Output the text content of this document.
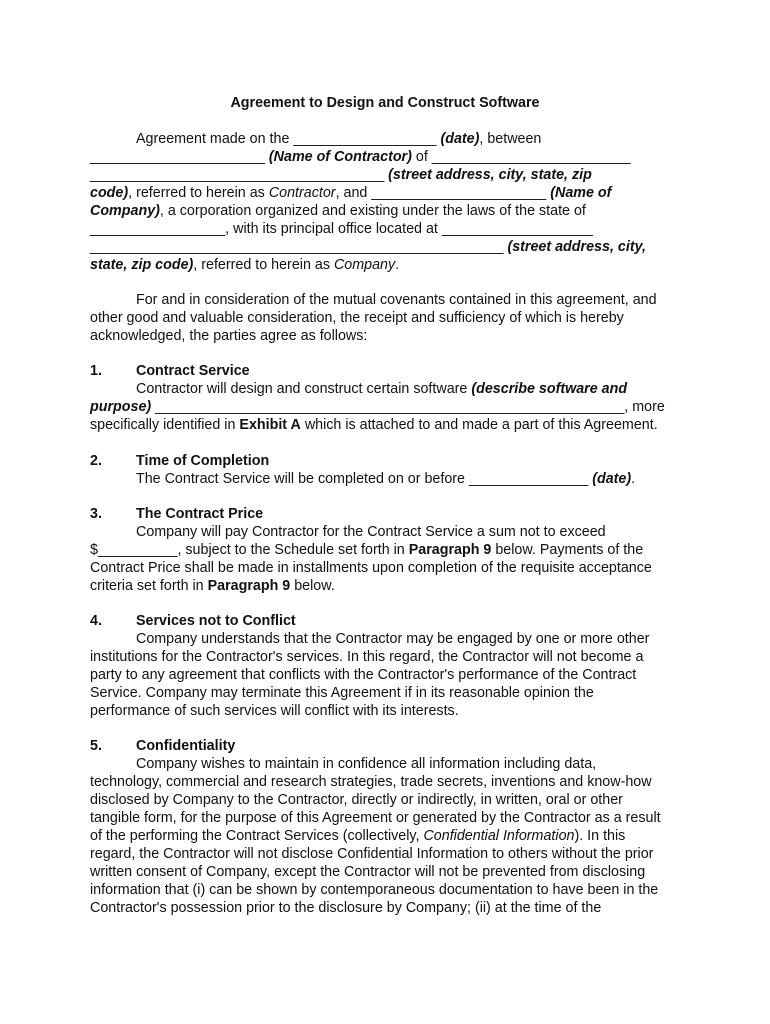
Agreement to Design and Construct Software
Agreement made on the __________________ (date), between
______________________ (Name of Contractor) of _________________________
_____________________________________ (street address, city, state, zip
code), referred to herein as Contractor, and ______________________ (Name of
Company), a corporation organized and existing under the laws of the state of
_________________, with its principal office located at ___________________
____________________________________________________ (street address, city,
state, zip code), referred to herein as Company.
For and in consideration of the mutual covenants contained in this agreement, and
other good and valuable consideration, the receipt and sufficiency of which is hereby
acknowledged, the parties agree as follows:
1. Contract Service
Contractor will design and construct certain software (describe software and
purpose) ___________________________________________________________, more
specifically identified in Exhibit A which is attached to and made a part of this Agreement.
2. Time of Completion
The Contract Service will be completed on or before _______________ (date).
3. The Contract Price
Company will pay Contractor for the Contract Service a sum not to exceed
$__________, subject to the Schedule set forth in Paragraph 9 below. Payments of the
Contract Price shall be made in installments upon completion of the requisite acceptance
criteria set forth in Paragraph 9 below.
4. Services not to Conflict
Company understands that the Contractor may be engaged by one or more other
institutions for the Contractor's services. In this regard, the Contractor will not become a
party to any agreement that conflicts with the Contractor's performance of the Contract
Service. Company may terminate this Agreement if in its reasonable opinion the
performance of such services will conflict with its interests.
5. Confidentiality
Company wishes to maintain in confidence all information including data,
technology, commercial and research strategies, trade secrets, inventions and know-how
disclosed by Company to the Contractor, directly or indirectly, in written, oral or other
tangible form, for the purpose of this Agreement or generated by the Contractor as a result
of the performing the Contract Services (collectively, Confidential Information). In this
regard, the Contractor will not disclose Confidential Information to others without the prior
written consent of Company, except the Contractor will not be prevented from disclosing
information that (i) can be shown by contemporaneous documentation to have been in the
Contractor's possession prior to the disclosure by Company; (ii) at the time of the
